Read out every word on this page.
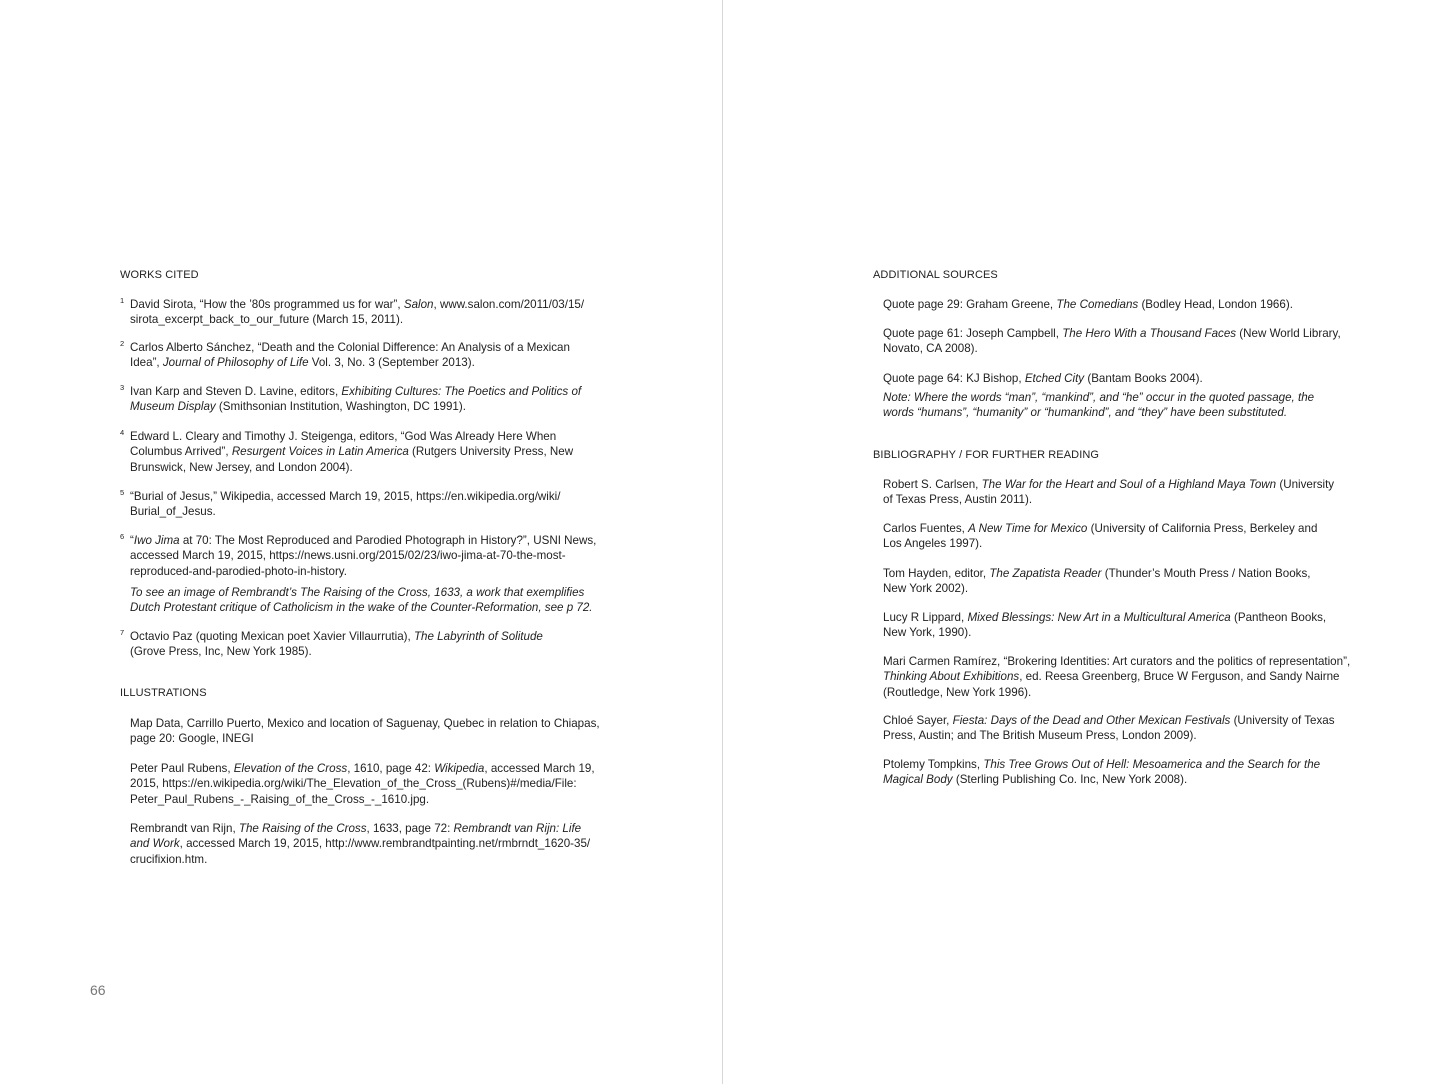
WORKS CITED
1 David Sirota, “How the ’80s programmed us for war”, Salon, www.salon.com/2011/03/15/
sirota_excerpt_back_to_our_future (March 15, 2011).
2 Carlos Alberto Sánchez, “Death and the Colonial Difference: An Analysis of a Mexican
Idea”, Journal of Philosophy of Life Vol. 3, No. 3 (September 2013).
3 Ivan Karp and Steven D. Lavine, editors, Exhibiting Cultures: The Poetics and Politics of
Museum Display (Smithsonian Institution, Washington, DC 1991).
4 Edward L. Cleary and Timothy J. Steigenga, editors, “God Was Already Here When
Columbus Arrived”, Resurgent Voices in Latin America (Rutgers University Press, New
Brunswick, New Jersey, and London 2004).
5 “Burial of Jesus,” Wikipedia, accessed March 19, 2015, https://en.wikipedia.org/wiki/
Burial_of_Jesus.
6 “Iwo Jima at 70: The Most Reproduced and Parodied Photograph in History?”, USNI News,
accessed March 19, 2015, https://news.usni.org/2015/02/23/iwo-jima-at-70-the-most-
reproduced-and-parodied-photo-in-history.
To see an image of Rembrandt’s The Raising of the Cross, 1633, a work that exemplifies
Dutch Protestant critique of Catholicism in the wake of the Counter-Reformation, see p 72.
7 Octavio Paz (quoting Mexican poet Xavier Villaurrutia), The Labyrinth of Solitude
(Grove Press, Inc, New York 1985).
ILLUSTRATIONS
Map Data, Carrillo Puerto, Mexico and location of Saguenay, Quebec in relation to Chiapas,
page 20: Google, INEGI
Peter Paul Rubens, Elevation of the Cross, 1610, page 42: Wikipedia, accessed March 19,
2015, https://en.wikipedia.org/wiki/The_Elevation_of_the_Cross_(Rubens)#/media/File:
Peter_Paul_Rubens_-_Raising_of_the_Cross_-_1610.jpg.
Rembrandt van Rijn, The Raising of the Cross, 1633, page 72: Rembrandt van Rijn: Life
and Work, accessed March 19, 2015, http://www.rembrandtpainting.net/rmbrndt_1620-35/
crucifixion.htm.
66
ADDITIONAL SOURCES
Quote page 29: Graham Greene, The Comedians (Bodley Head, London 1966).
Quote page 61: Joseph Campbell, The Hero With a Thousand Faces (New World Library,
Novato, CA 2008).
Quote page 64: KJ Bishop, Etched City (Bantam Books 2004).
Note: Where the words “man”, “mankind”, and “he” occur in the quoted passage, the
words “humans”, “humanity” or “humankind”, and “they” have been substituted.
BIBLIOGRAPHY / FOR FURTHER READING
Robert S. Carlsen, The War for the Heart and Soul of a Highland Maya Town (University
of Texas Press, Austin 2011).
Carlos Fuentes, A New Time for Mexico (University of California Press, Berkeley and
Los Angeles 1997).
Tom Hayden, editor, The Zapatista Reader (Thunder’s Mouth Press / Nation Books,
New York 2002).
Lucy R Lippard, Mixed Blessings: New Art in a Multicultural America (Pantheon Books,
New York, 1990).
Mari Carmen Ramírez, “Brokering Identities: Art curators and the politics of representation”,
Thinking About Exhibitions, ed. Reesa Greenberg, Bruce W Ferguson, and Sandy Nairne
(Routledge, New York 1996).
Chloé Sayer, Fiesta: Days of the Dead and Other Mexican Festivals (University of Texas
Press, Austin; and The British Museum Press, London 2009).
Ptolemy Tompkins, This Tree Grows Out of Hell: Mesoamerica and the Search for the
Magical Body (Sterling Publishing Co. Inc, New York 2008).
